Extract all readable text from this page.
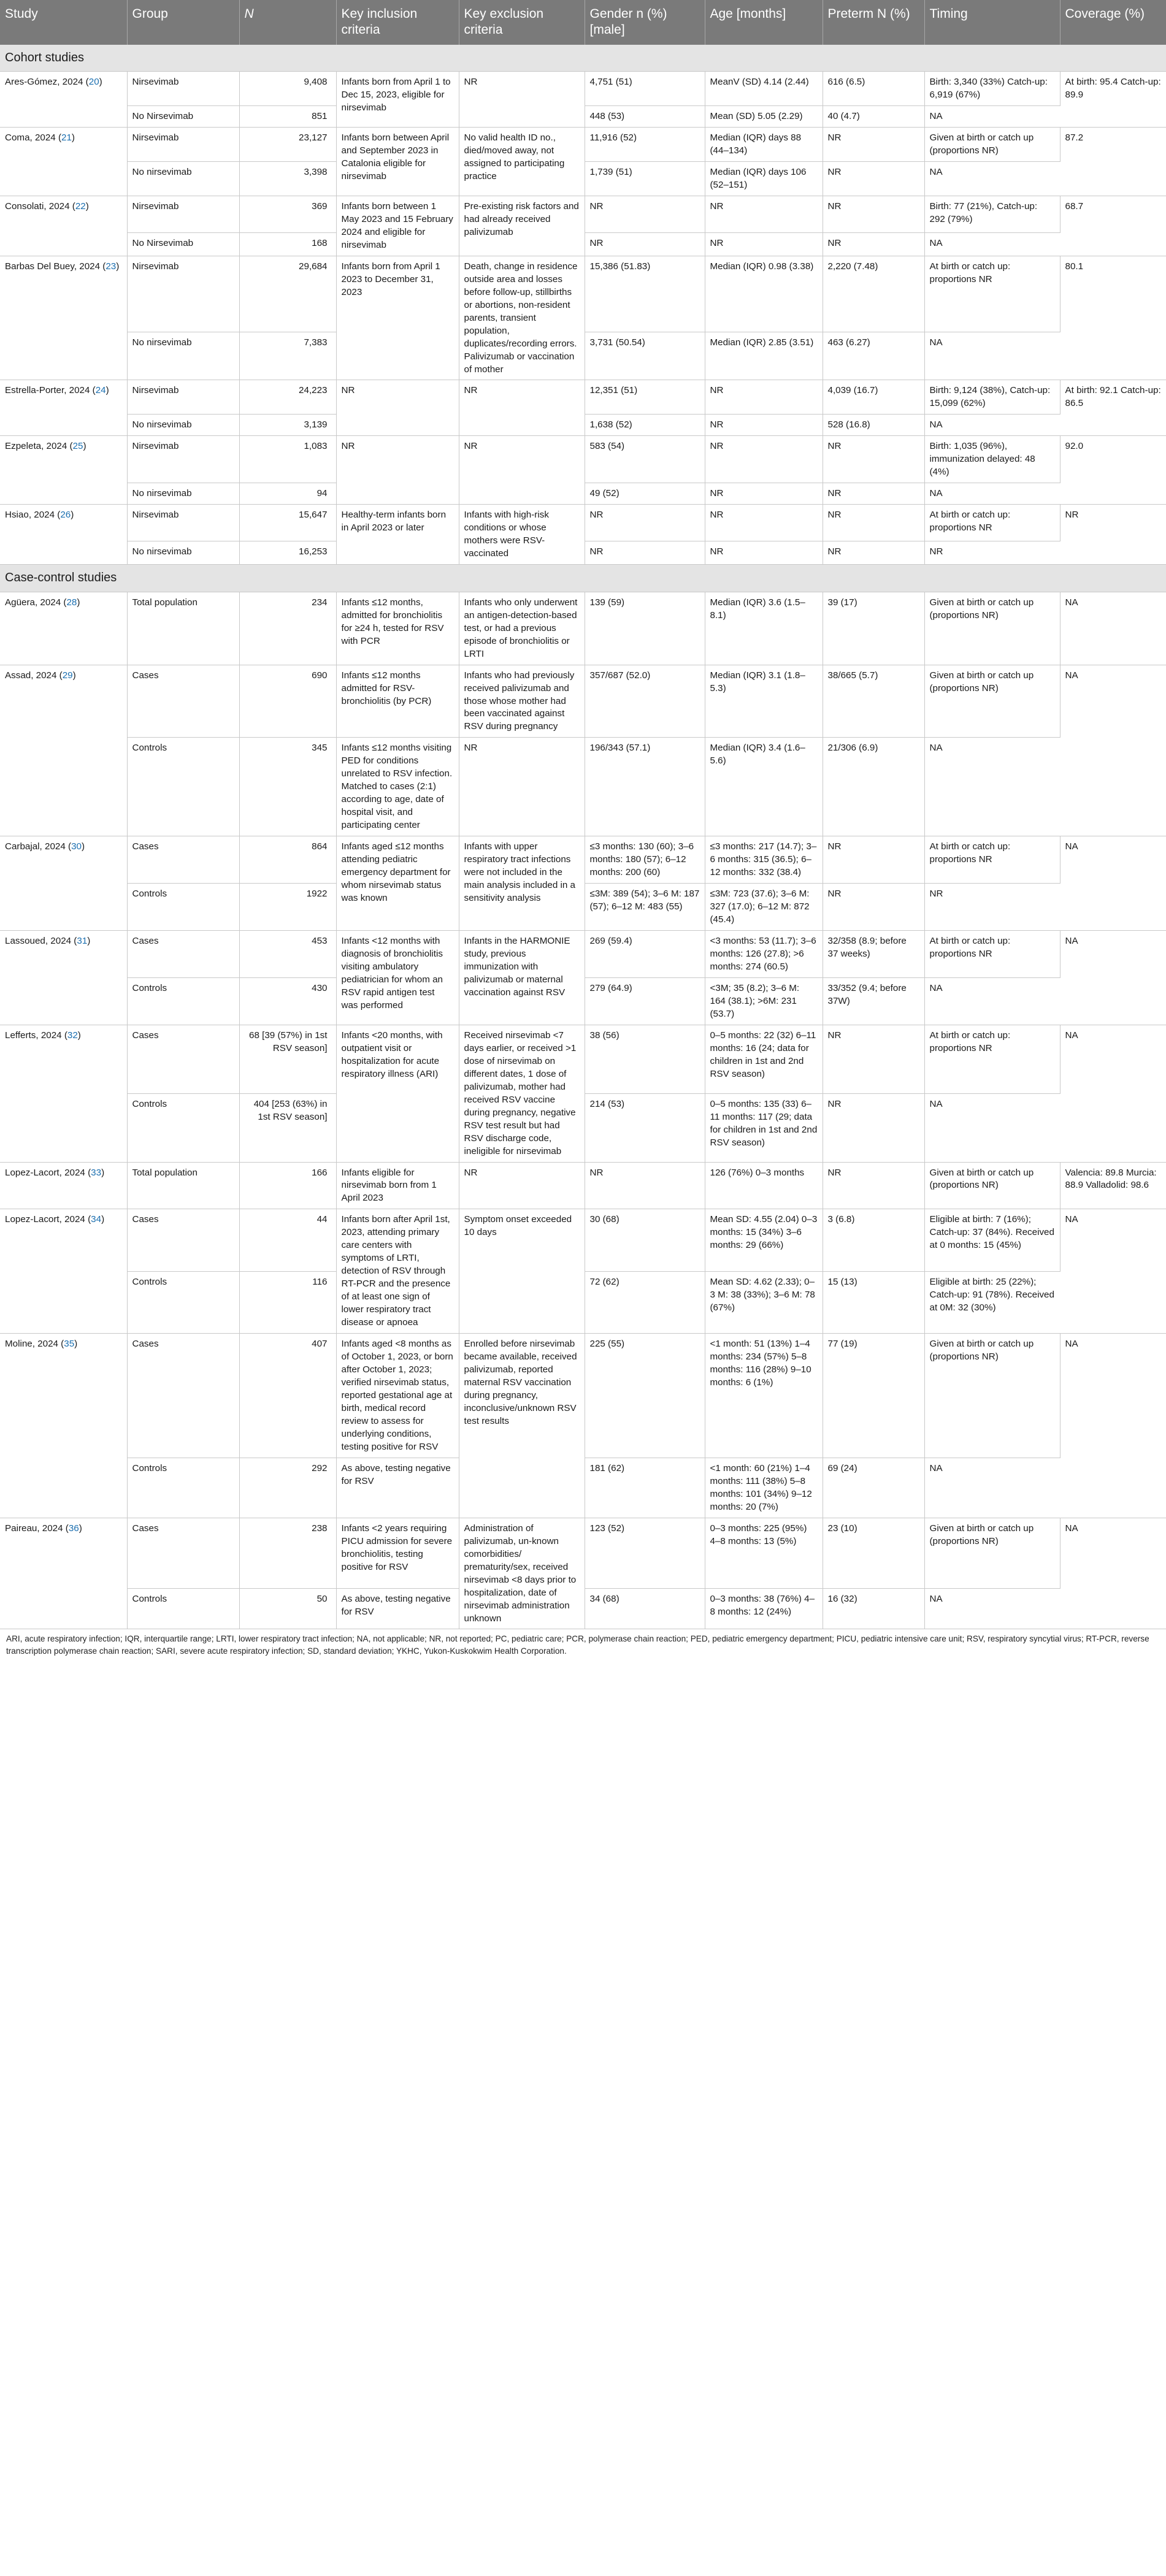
Study	Group	N	Key inclusion criteria	Key exclusion criteria	Gender n (%) [male]	Age [months]	Preterm N (%)	Timing	Coverage (%)
Cohort studies									
Ares-Gómez, 2024 (20)	Nirsevimab	9,408	Infants born from April 1 to Dec 15, 2023, eligible for nirsevimab	NR	4,751 (51)	MeanV (SD) 4.14 (2.44)	616 (6.5)	Birth: 3,340 (33%) Catch-up: 6,919 (67%)	At birth: 95.4 Catch-up: 89.9
	No Nirsevimab	851			448 (53)	Mean (SD) 5.05 (2.29)	40 (4.7)	NA	
Coma, 2024 (21)	Nirsevimab	23,127	Infants born between April and September 2023 in Catalonia eligible for nirsevimab	No valid health ID no., died/moved away, not assigned to participating practice	11,916 (52)	Median (IQR) days 88 (44–134)	NR	Given at birth or catch up (proportions NR)	87.2
	No nirsevimab	3,398			1,739 (51)	Median (IQR) days 106 (52–151)	NR	NA	
Consolati, 2024 (22)	Nirsevimab	369	Infants born between 1 May 2023 and 15 February 2024 and eligible for nirsevimab	Pre-existing risk factors and had already received palivizumab	NR	NR	NR	Birth: 77 (21%), Catch-up: 292 (79%)	68.7
	No Nirsevimab	168			NR	NR	NR	NA	
Barbas Del Buey, 2024 (23)	Nirsevimab	29,684	Infants born from April 1 2023 to December 31, 2023	Death, change in residence outside area and losses before follow-up, stillbirths or abortions, non-resident parents, transient population, duplicates/recording errors. Palivizumab or vaccination of mother	15,386 (51.83)	Median (IQR) 0.98 (3.38)	2,220 (7.48)	At birth or catch up: proportions NR	80.1
	No nirsevimab	7,383			3,731 (50.54)	Median (IQR) 2.85 (3.51)	463 (6.27)	NA	
Estrella-Porter, 2024 (24)	Nirsevimab	24,223	NR	NR	12,351 (51)	NR	4,039 (16.7)	Birth: 9,124 (38%), Catch-up: 15,099 (62%)	At birth: 92.1 Catch-up: 86.5
	No nirsevimab	3,139			1,638 (52)	NR	528 (16.8)	NA	
Ezpeleta, 2024 (25)	Nirsevimab	1,083	NR	NR	583 (54)	NR	NR	Birth: 1,035 (96%), immunization delayed: 48 (4%)	92.0
	No nirsevimab	94			49 (52)	NR	NR	NA	
Hsiao, 2024 (26)	Nirsevimab	15,647	Healthy-term infants born in April 2023 or later	Infants with high-risk conditions or whose mothers were RSV-vaccinated	NR	NR	NR	At birth or catch up: proportions NR	NR
	No nirsevimab	16,253			NR	NR	NR	NR	
Case-control studies									
Agüera, 2024 (28)	Total population	234	Infants ≤12 months, admitted for bronchiolitis for ≥24 h, tested for RSV with PCR	Infants who only underwent an antigen-detection-based test, or had a previous episode of bronchiolitis or LRTI	139 (59)	Median (IQR) 3.6 (1.5–8.1)	39 (17)	Given at birth or catch up (proportions NR)	NA
Assad, 2024 (29)	Cases	690	Infants ≤12 months admitted for RSV-bronchiolitis (by PCR)	Infants who had previously received palivizumab and those whose mother had been vaccinated against RSV during pregnancy	357/687 (52.0)	Median (IQR) 3.1 (1.8–5.3)	38/665 (5.7)	Given at birth or catch up (proportions NR)	NA
	Controls	345	Infants ≤12 months visiting PED for conditions unrelated to RSV infection. Matched to cases (2:1) according to age, date of hospital visit, and participating center	NR	196/343 (57.1)	Median (IQR) 3.4 (1.6–5.6)	21/306 (6.9)	NA	
Carbajal, 2024 (30)	Cases	864	Infants aged ≤12 months attending pediatric emergency department for whom nirsevimab status was known	Infants with upper respiratory tract infections were not included in the main analysis included in a sensitivity analysis	≤3 months: 130 (60); 3–6 months: 180 (57); 6–12 months: 200 (60)	≤3 months: 217 (14.7); 3–6 months: 315 (36.5); 6–12 months: 332 (38.4)	NR	At birth or catch up: proportions NR	NA
	Controls	1922			≤3M: 389 (54); 3–6 M: 187 (57); 6–12 M: 483 (55)	≤3M: 723 (37.6); 3–6 M: 327 (17.0); 6–12 M: 872 (45.4)	NR	NR	
Lassoued, 2024 (31)	Cases	453	Infants <12 months with diagnosis of bronchiolitis visiting ambulatory pediatrician for whom an RSV rapid antigen test was performed	Infants in the HARMONIE study, previous immunization with palivizumab or maternal vaccination against RSV	269 (59.4)	<3 months: 53 (11.7); 3–6 months: 126 (27.8); >6 months: 274 (60.5)	32/358 (8.9; before 37 weeks)	At birth or catch up: proportions NR	NA
	Controls	430			279 (64.9)	<3M; 35 (8.2); 3–6 M: 164 (38.1); >6M: 231 (53.7)	33/352 (9.4; before 37W)	NA	
Lefferts, 2024 (32)	Cases	68 [39 (57%) in 1st RSV season]	Infants <20 months, with outpatient visit or hospitalization for acute respiratory illness (ARI)	Received nirsevimab <7 days earlier, or received >1 dose of nirsevimab on different dates, 1 dose of palivizumab, mother had received RSV vaccine during pregnancy, negative RSV test result but had RSV discharge code, ineligible for nirsevimab	38 (56)	0–5 months: 22 (32) 6–11 months: 16 (24; data for children in 1st and 2nd RSV season)	NR	At birth or catch up: proportions NR	NA
	Controls	404 [253 (63%) in 1st RSV season]			214 (53)	0–5 months: 135 (33) 6–11 months: 117 (29; data for children in 1st and 2nd RSV season)	NR	NA	
Lopez-Lacort, 2024 (33)	Total population	166	Infants eligible for nirsevimab born from 1 April 2023	NR	NR	126 (76%) 0–3 months	NR	Given at birth or catch up (proportions NR)	Valencia: 89.8 Murcia: 88.9 Valladolid: 98.6
Lopez-Lacort, 2024 (34)	Cases	44	Infants born after April 1st, 2023, attending primary care centers with symptoms of LRTI, detection of RSV through RT-PCR and the presence of at least one sign of lower respiratory tract disease or apnoea	Symptom onset exceeded 10 days	30 (68)	Mean SD: 4.55 (2.04) 0–3 months: 15 (34%) 3–6 months: 29 (66%)	3 (6.8)	Eligible at birth: 7 (16%); Catch-up: 37 (84%). Received at 0 months: 15 (45%)	NA
	Controls	116			72 (62)	Mean SD: 4.62 (2.33); 0–3 M: 38 (33%); 3–6 M: 78 (67%)	15 (13)	Eligible at birth: 25 (22%); Catch-up: 91 (78%). Received at 0M: 32 (30%)	
Moline, 2024 (35)	Cases	407	Infants aged <8 months as of October 1, 2023, or born after October 1, 2023; verified nirsevimab status, reported gestational age at birth, medical record review to assess for underlying conditions, testing positive for RSV	Enrolled before nirsevimab became available, received palivizumab, reported maternal RSV vaccination during pregnancy, inconclusive/unknown RSV test results	225 (55)	<1 month: 51 (13%) 1–4 months: 234 (57%) 5–8 months: 116 (28%) 9–10 months: 6 (1%)	77 (19)	Given at birth or catch up (proportions NR)	NA
	Controls	292	As above, testing negative for RSV		181 (62)	<1 month: 60 (21%) 1–4 months: 111 (38%) 5–8 months: 101 (34%) 9–12 months: 20 (7%)	69 (24)	NA	
Paireau, 2024 (36)	Cases	238	Infants <2 years requiring PICU admission for severe bronchiolitis, testing positive for RSV	Administration of palivizumab, un-known comorbidities/ prematurity/sex, received nirsevimab <8 days prior to hospitalization, date of nirsevimab administration unknown	123 (52)	0–3 months: 225 (95%) 4–8 months: 13 (5%)	23 (10)	Given at birth or catch up (proportions NR)	NA
	Controls	50	As above, testing negative for RSV		34 (68)	0–3 months: 38 (76%) 4–8 months: 12 (24%)	16 (32)	NA	
ARI, acute respiratory infection; IQR, interquartile range; LRTI, lower respiratory tract infection; NA, not applicable; NR, not reported; PC, pediatric care; PCR, polymerase chain reaction; PED, pediatric emergency department; PICU, pediatric intensive care unit; RSV, respiratory syncytial virus; RT-PCR, reverse transcription polymerase chain reaction; SARI, severe acute respiratory infection; SD, standard deviation; YKHC, Yukon-Kuskokwim Health Corporation.
